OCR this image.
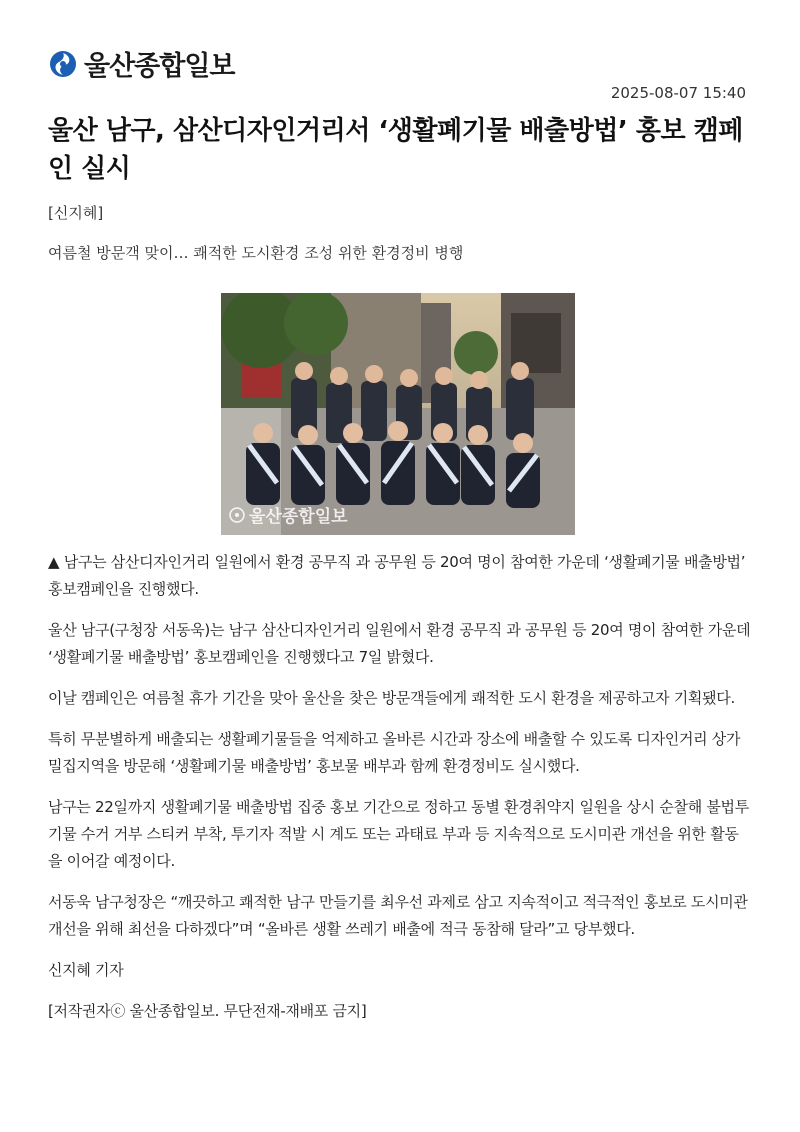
울산종합일보
2025-08-07 15:40
울산 남구, 삼산디자인거리서 ‘생활폐기물 배출방법’ 홍보 캠페인 실시
[신지혜]
여름철 방문객 맞이… 쾌적한 도시환경 조성 위한 환경정비 병행
울산종합일보

▲ 남구는 삼산디자인거리 일원에서 환경 공무직 과 공무원 등 20여 명이 참여한 가운데 ‘생활폐기물 배출방법’ 홍보캠페인을 진행했다.

울산 남구(구청장 서동욱)는 남구 삼산디자인거리 일원에서 환경 공무직 과 공무원 등 20여 명이 참여한 가운데 ‘생활폐기물 배출방법’ 홍보캠페인을 진행했다고 7일 밝혔다.

이날 캠페인은 여름철 휴가 기간을 맞아 울산을 찾은 방문객들에게 쾌적한 도시 환경을 제공하고자 기획됐다.

특히 무분별하게 배출되는 생활폐기물들을 억제하고 올바른 시간과 장소에 배출할 수 있도록 디자인거리 상가 밀집지역을 방문해 ‘생활폐기물 배출방법’ 홍보물 배부과 함께 환경정비도 실시했다.

남구는 22일까지 생활폐기물 배출방법 집중 홍보 기간으로 정하고 동별 환경취약지 일원을 상시 순찰해 불법투기물 수거 거부 스티커 부착, 투기자 적발 시 계도 또는 과태료 부과 등 지속적으로 도시미관 개선을 위한 활동을 이어갈 예정이다.

서동욱 남구청장은 “깨끗하고 쾌적한 남구 만들기를 최우선 과제로 삼고 지속적이고 적극적인 홍보로 도시미관 개선을 위해 최선을 다하겠다”며 “올바른 생활 쓰레기 배출에 적극 동참해 달라”고 당부했다.

신지혜 기자

[저작권자ⓒ 울산종합일보. 무단전재-재배포 금지]
